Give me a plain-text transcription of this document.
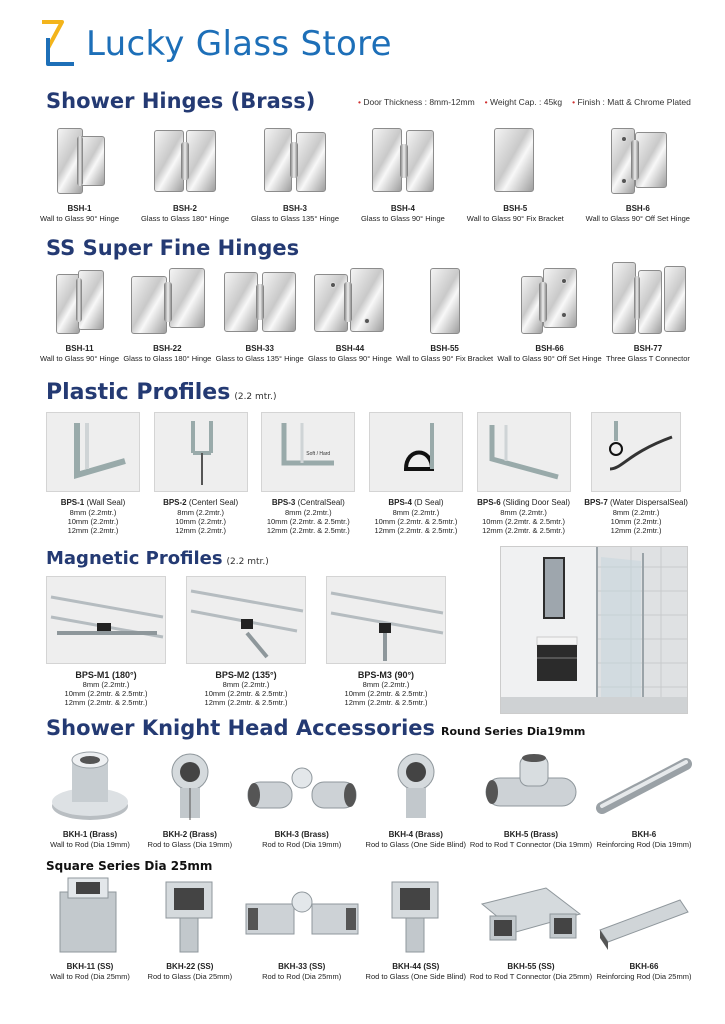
Lucky Glass Store
Shower Hinges (Brass)	• Door Thickness : 8mm-12mm	• Weight Cap. : 45kg	• Finish : Matt & Chrome Plated
BSH-1
Wall to Glass 90° Hinge
BSH-2
Glass to Glass 180° Hinge
BSH-3
Glass to Glass 135° Hinge
BSH-4
Glass to Glass 90° Hinge
BSH-5
Wall to Glass 90° Fix Bracket
BSH-6
Wall to Glass 90° Off Set Hinge
SS Super Fine Hinges
BSH-11
Wall to Glass 90° Hinge
BSH-22
Glass to Glass 180° Hinge
BSH-33
Glass to Glass 135° Hinge
BSH-44
Glass to Glass 90° Hinge
BSH-55
Wall to Glass 90° Fix Bracket
BSH-66
Wall to Glass 90° Off Set Hinge
BSH-77
Three Glass T Connector
Plastic Profiles (2.2 mtr.)
BPS-1 (Wall Seal)
8mm (2.2mtr.)
10mm (2.2mtr.)
12mm (2.2mtr.)
BPS-2 (Centerl Seal)
8mm (2.2mtr.)
10mm (2.2mtr.)
12mm (2.2mtr.)
Soft / Hard
BPS-3 (CentralSeal)
8mm (2.2mtr.)
10mm (2.2mtr. & 2.5mtr.)
12mm (2.2mtr. & 2.5mtr.)
BPS-4 (D Seal)
8mm (2.2mtr.)
10mm (2.2mtr. & 2.5mtr.)
12mm (2.2mtr. & 2.5mtr.)
BPS-6 (Sliding Door Seal)
8mm (2.2mtr.)
10mm (2.2mtr. & 2.5mtr.)
12mm (2.2mtr. & 2.5mtr.)
BPS-7 (Water DispersalSeal)
8mm (2.2mtr.)
10mm (2.2mtr.)
12mm (2.2mtr.)
Magnetic Profiles (2.2 mtr.)
BPS-M1 (180°)
8mm (2.2mtr.)
10mm (2.2mtr. & 2.5mtr.)
12mm (2.2mtr. & 2.5mtr.)
BPS-M2 (135°)
8mm (2.2mtr.)
10mm (2.2mtr. & 2.5mtr.)
12mm (2.2mtr. & 2.5mtr.)
BPS-M3 (90°)
8mm (2.2mtr.)
10mm (2.2mtr. & 2.5mtr.)
12mm (2.2mtr. & 2.5mtr.)
Shower Knight Head Accessories Round Series Dia19mm
BKH-1 (Brass)
Wall to Rod (Dia 19mm)
BKH-2 (Brass)
Rod to Glass (Dia 19mm)
BKH-3 (Brass)
Rod to Rod (Dia 19mm)
BKH-4 (Brass)
Rod to Glass (One Side Blind)
BKH-5 (Brass)
Rod to Rod T Connector (Dia 19mm)
BKH-6
Reinforcing Rod (Dia 19mm)
Square Series Dia 25mm
BKH-11 (SS)
Wall to Rod (Dia 25mm)
BKH-22 (SS)
Rod to Glass (Dia 25mm)
BKH-33 (SS)
Rod to Rod (Dia 25mm)
BKH-44 (SS)
Rod to Glass (One Side Blind)
BKH-55 (SS)
Rod to Rod T Connector (Dia 25mm)
BKH-66
Reinforcing Rod (Dia 25mm)
